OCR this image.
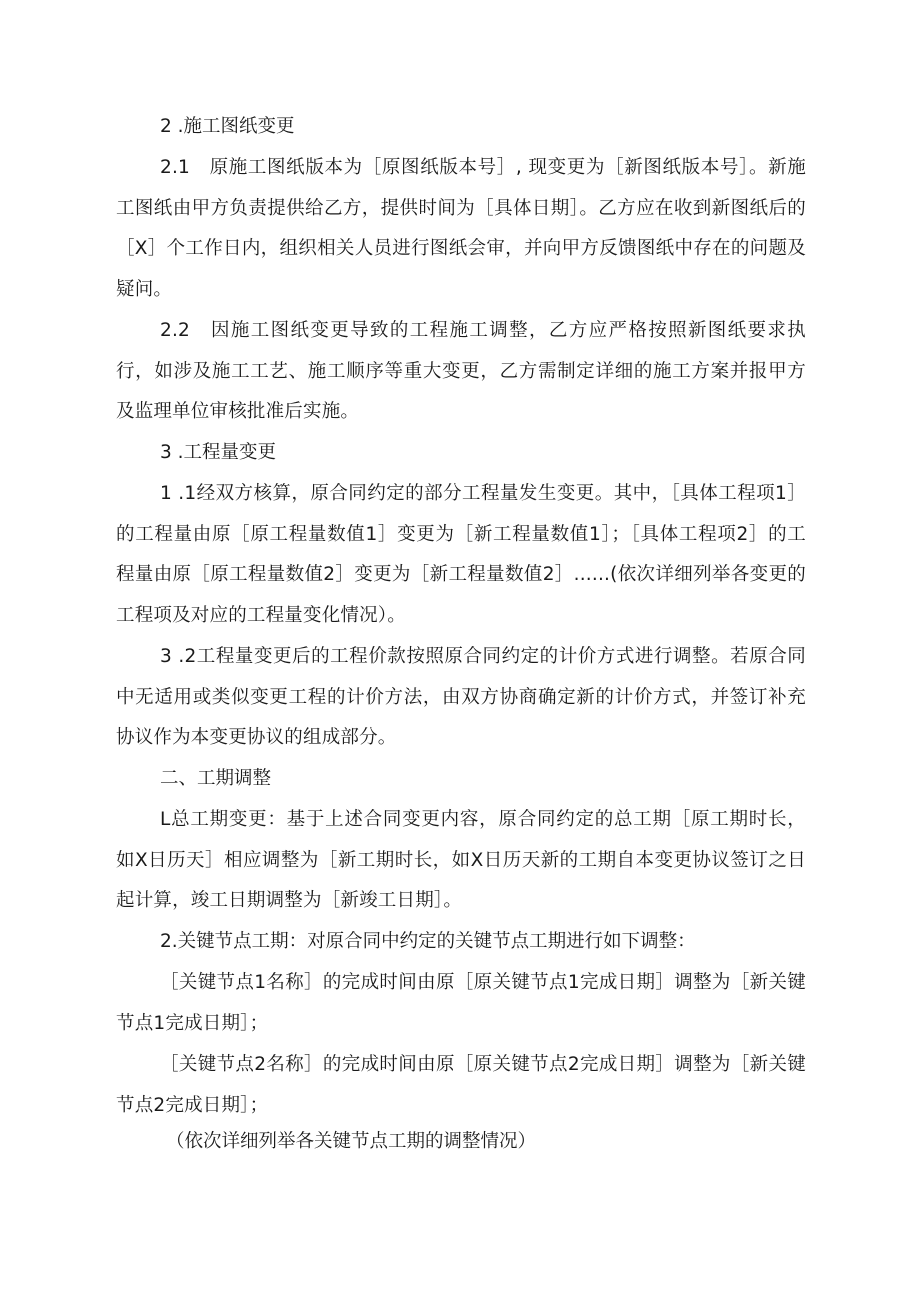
2 .施工图纸变更

2.1　原施工图纸版本为［原图纸版本号］, 现变更为［新图纸版本号］。新施工图纸由甲方负责提供给乙方，提供时间为［具体日期］。乙方应在收到新图纸后的［X］个工作日内，组织相关人员进行图纸会审，并向甲方反馈图纸中存在的问题及疑问。

2.2　因施工图纸变更导致的工程施工调整，乙方应严格按照新图纸要求执行，如涉及施工工艺、施工顺序等重大变更，乙方需制定详细的施工方案并报甲方及监理单位审核批准后实施。

3 .工程量变更

1 .1经双方核算，原合同约定的部分工程量发生变更。其中，［具体工程项1］的工程量由原［原工程量数值1］变更为［新工程量数值1］；［具体工程项2］的工程量由原［原工程量数值2］变更为［新工程量数值2］......(依次详细列举各变更的工程项及对应的工程量变化情况）。

3 .2工程量变更后的工程价款按照原合同约定的计价方式进行调整。若原合同中无适用或类似变更工程的计价方法，由双方协商确定新的计价方式，并签订补充协议作为本变更协议的组成部分。

二、工期调整

L总工期变更：基于上述合同变更内容，原合同约定的总工期［原工期时长，如X日历天］相应调整为［新工期时长，如X日历天新的工期自本变更协议签订之日起计算，竣工日期调整为［新竣工日期］。

2.关键节点工期：对原合同中约定的关键节点工期进行如下调整：

［关键节点1名称］的完成时间由原［原关键节点1完成日期］调整为［新关键节点1完成日期］；

［关键节点2名称］的完成时间由原［原关键节点2完成日期］调整为［新关键节点2完成日期］；

（依次详细列举各关键节点工期的调整情况）
